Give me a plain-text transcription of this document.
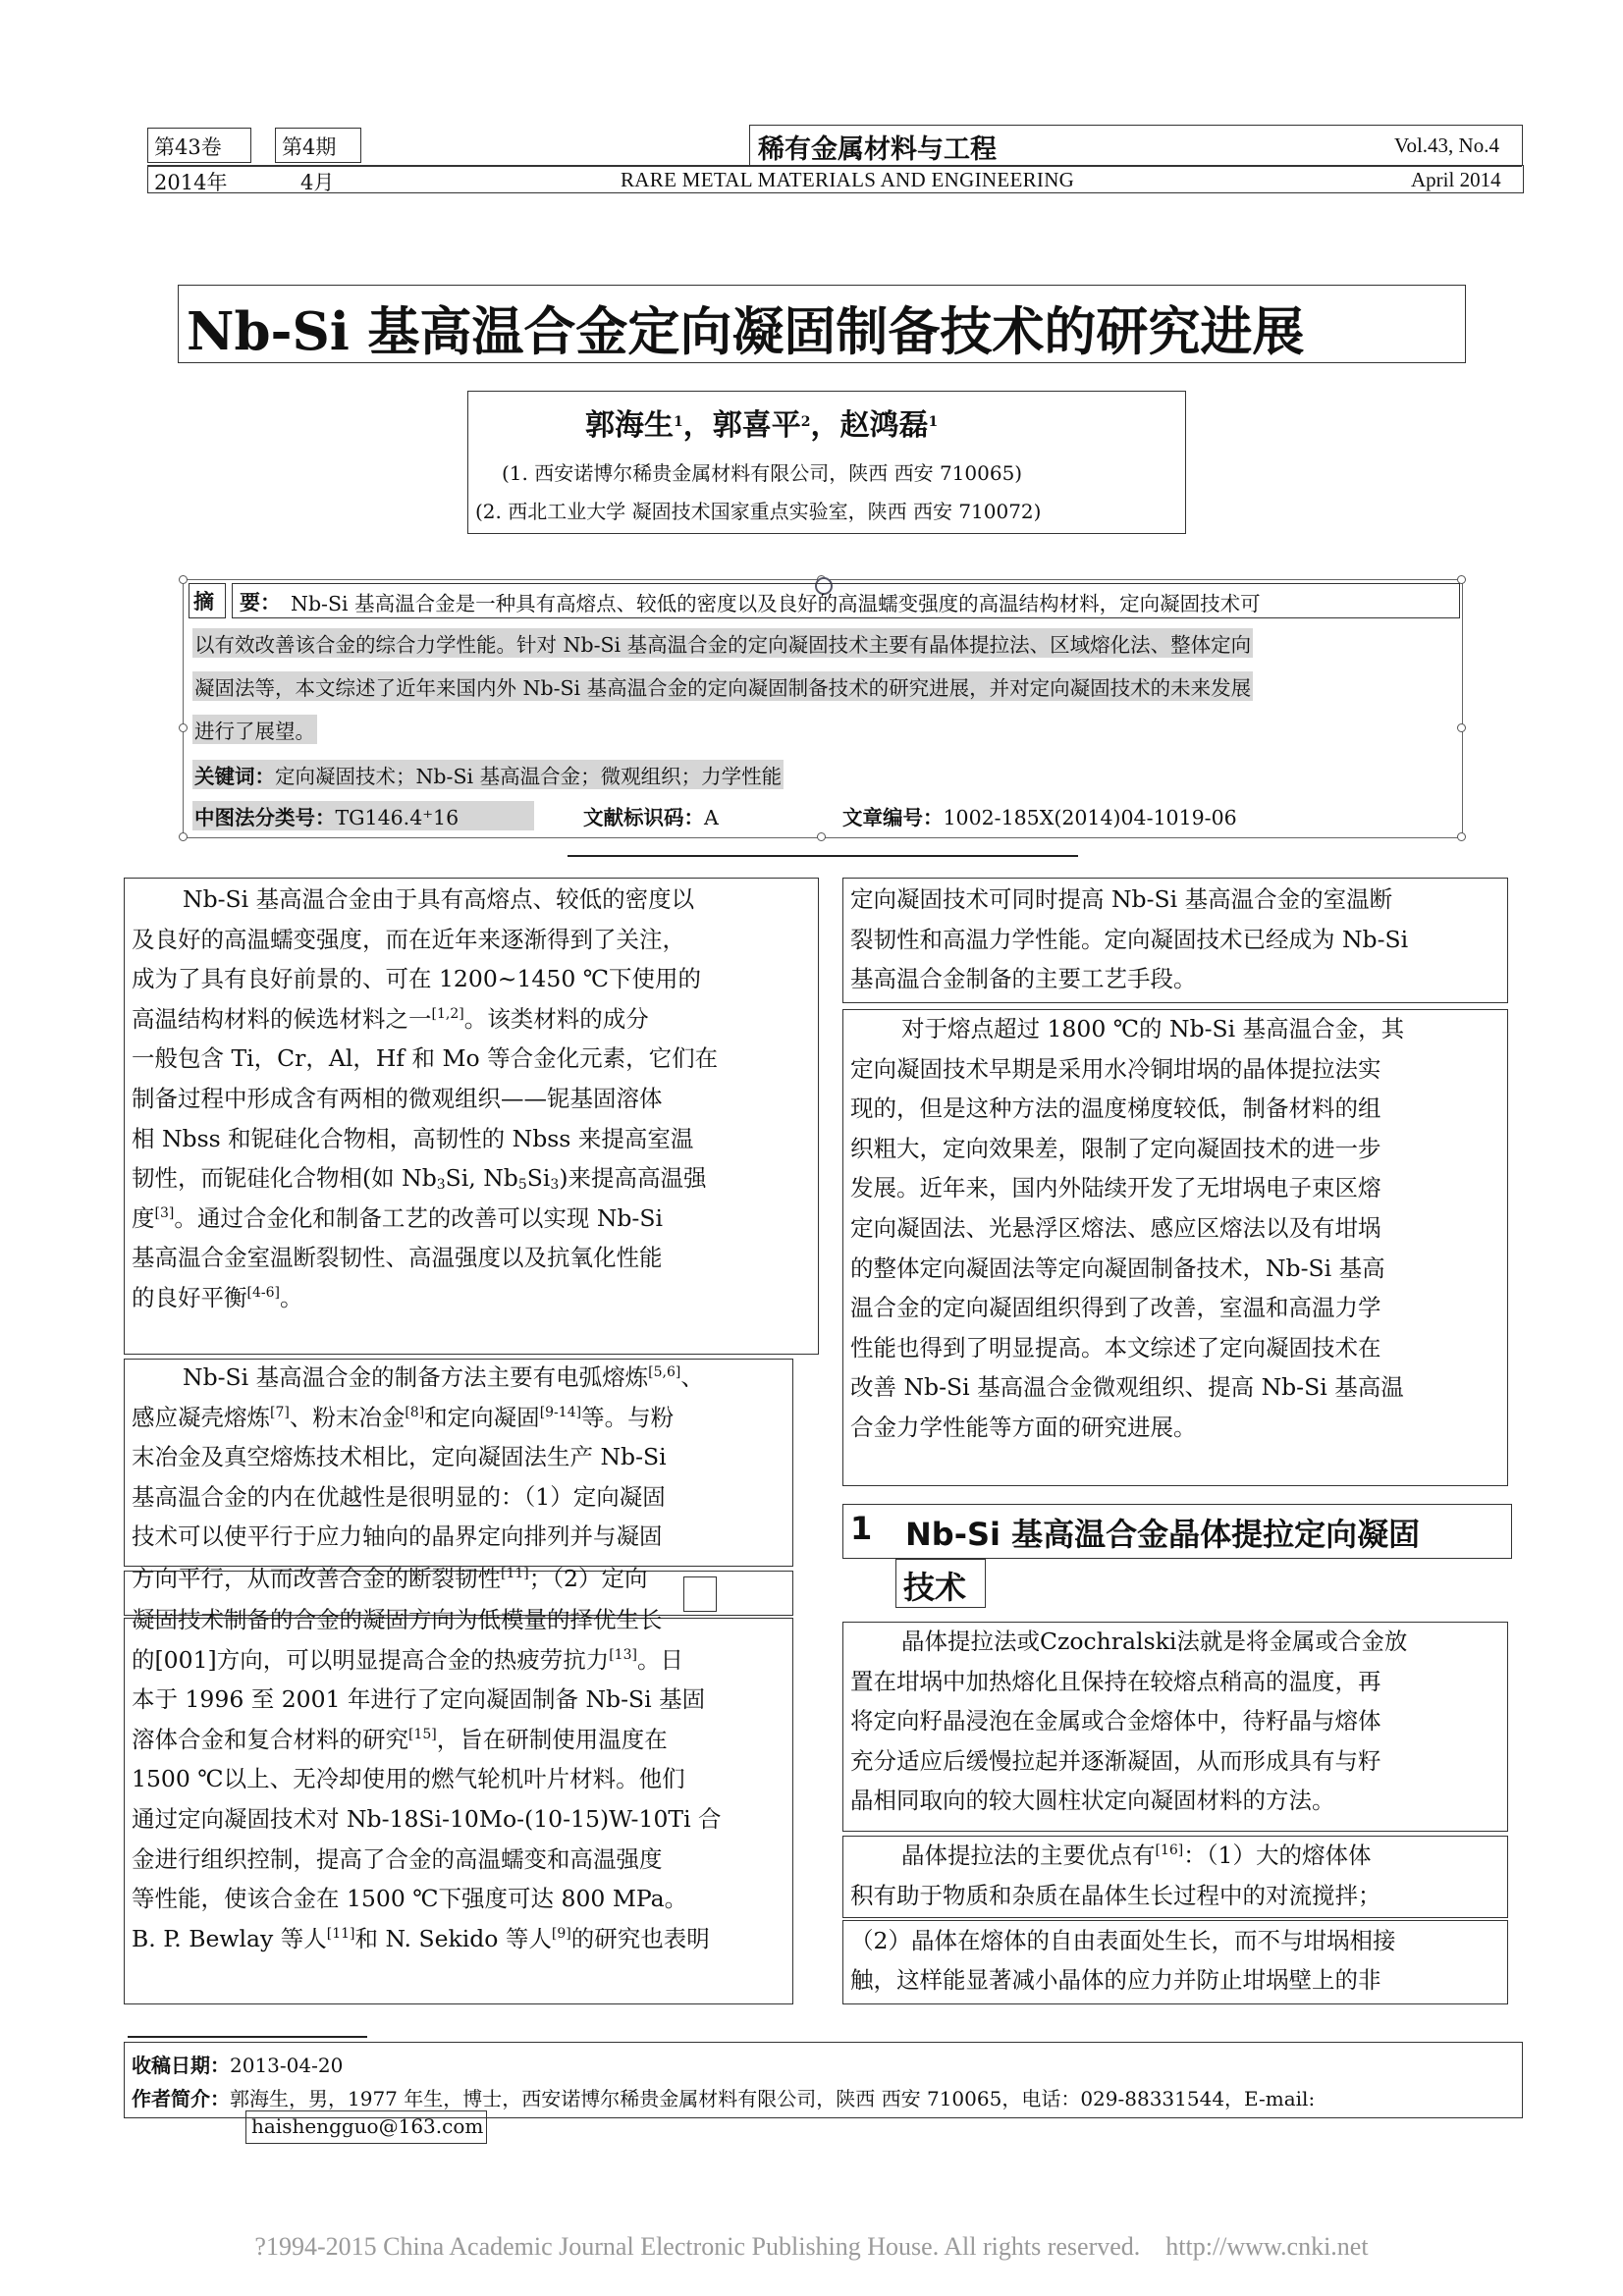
第43卷	第4期	稀有金属材料与工程	Vol.43, No.4
2014年	4月	RARE METAL MATERIALS AND ENGINEERING	April 2014
Nb-Si 基高温合金定向凝固制备技术的研究进展
郭海生$^1$，郭喜平$^2$，赵鸿磊$^1$
(1. 西安诺博尔稀贵金属材料有限公司，陕西 西安 710065)
(2. 西北工业大学 凝固技术国家重点实验室，陕西 西安 710072)
摘 要： Nb-Si 基高温合金是一种具有高熔点、较低的密度以及良好的高温蠕变强度的高温结构材料，定向凝固技术可
以有效改善该合金的综合力学性能。针对 Nb-Si 基高温合金的定向凝固技术主要有晶体提拉法、区域熔化法、整体定向
凝固法等，本文综述了近年来国内外 Nb-Si 基高温合金的定向凝固制备技术的研究进展，并对定向凝固技术的未来发展
进行了展望。
关键词：定向凝固技术；Nb-Si 基高温合金；微观组织；力学性能
中图法分类号：TG146.4⁺16	文献标识码：A	文章编号：1002-185X(2014)04-1019-06
Nb-Si 基高温合金由于具有高熔点、较低的密度以
及良好的高温蠕变强度，而在近年来逐渐得到了关注，
成为了具有良好前景的、可在 1200~1450 ℃下使用的
高温结构材料的候选材料之一[1,2]。该类材料的成分
一般包含 Ti，Cr，Al，Hf 和 Mo 等合金化元素，它们在
制备过程中形成含有两相的微观组织——铌基固溶体
相 Nbss 和铌硅化合物相，高韧性的 Nbss 来提高室温
韧性，而铌硅化合物相(如 $Nb_3Si$, $Nb_5Si_3$)来提高高温强
度[3]。通过合金化和制备工艺的改善可以实现 Nb-Si
基高温合金室温断裂韧性、高温强度以及抗氧化性能
的良好平衡[4-6]。
Nb-Si 基高温合金的制备方法主要有电弧熔炼[5,6]、
感应凝壳熔炼[7]、粉末冶金[8]和定向凝固[9-14]等。与粉
末冶金及真空熔炼技术相比，定向凝固法生产 Nb-Si
基高温合金的内在优越性是很明显的：（1）定向凝固
技术可以使平行于应力轴向的晶界定向排列并与凝固
方向平行，从而改善合金的断裂韧性[11]；（2）定向
凝固技术制备的合金的凝固方向为低模量的择优生长
的[001]方向，可以明显提高合金的热疲劳抗力[13]。日
本于 1996 至 2001 年进行了定向凝固制备 Nb-Si 基固
溶体合金和复合材料的研究[15]，旨在研制使用温度在
1500 ℃以上、无冷却使用的燃气轮机叶片材料。他们
通过定向凝固技术对 Nb-18Si-10Mo-(10-15)W-10Ti 合
金进行组织控制，提高了合金的高温蠕变和高温强度
等性能，使该合金在 1500 ℃下强度可达 800 MPa。
B. P. Bewlay 等人[11]和 N. Sekido 等人[9]的研究也表明
定向凝固技术可同时提高 Nb-Si 基高温合金的室温断
裂韧性和高温力学性能。定向凝固技术已经成为 Nb-Si
基高温合金制备的主要工艺手段。
对于熔点超过 1800 ℃的 Nb-Si 基高温合金，其
定向凝固技术早期是采用水冷铜坩埚的晶体提拉法实
现的，但是这种方法的温度梯度较低，制备材料的组
织粗大，定向效果差，限制了定向凝固技术的进一步
发展。近年来，国内外陆续开发了无坩埚电子束区熔
定向凝固法、光悬浮区熔法、感应区熔法以及有坩埚
的整体定向凝固法等定向凝固制备技术，Nb-Si 基高
温合金的定向凝固组织得到了改善，室温和高温力学
性能也得到了明显提高。本文综述了定向凝固技术在
改善 Nb-Si 基高温合金微观组织、提高 Nb-Si 基高温
合金力学性能等方面的研究进展。
1 Nb-Si 基高温合金晶体提拉定向凝固
技术
晶体提拉法或Czochralski法就是将金属或合金放
置在坩埚中加热熔化且保持在较熔点稍高的温度，再
将定向籽晶浸泡在金属或合金熔体中，待籽晶与熔体
充分适应后缓慢拉起并逐渐凝固，从而形成具有与籽
晶相同取向的较大圆柱状定向凝固材料的方法。
晶体提拉法的主要优点有[16]：（1）大的熔体体
积有助于物质和杂质在晶体生长过程中的对流搅拌；
（2）晶体在熔体的自由表面处生长，而不与坩埚相接
触，这样能显著减小晶体的应力并防止坩埚壁上的非
收稿日期：2013-04-20
作者简介：郭海生，男，1977 年生，博士，西安诺博尔稀贵金属材料有限公司，陕西 西安 710065，电话：029-88331544，E-mail:
haishengguo@163.com
?1994-2015 China Academic Journal Electronic Publishing House. All rights reserved.    http://www.cnki.net
